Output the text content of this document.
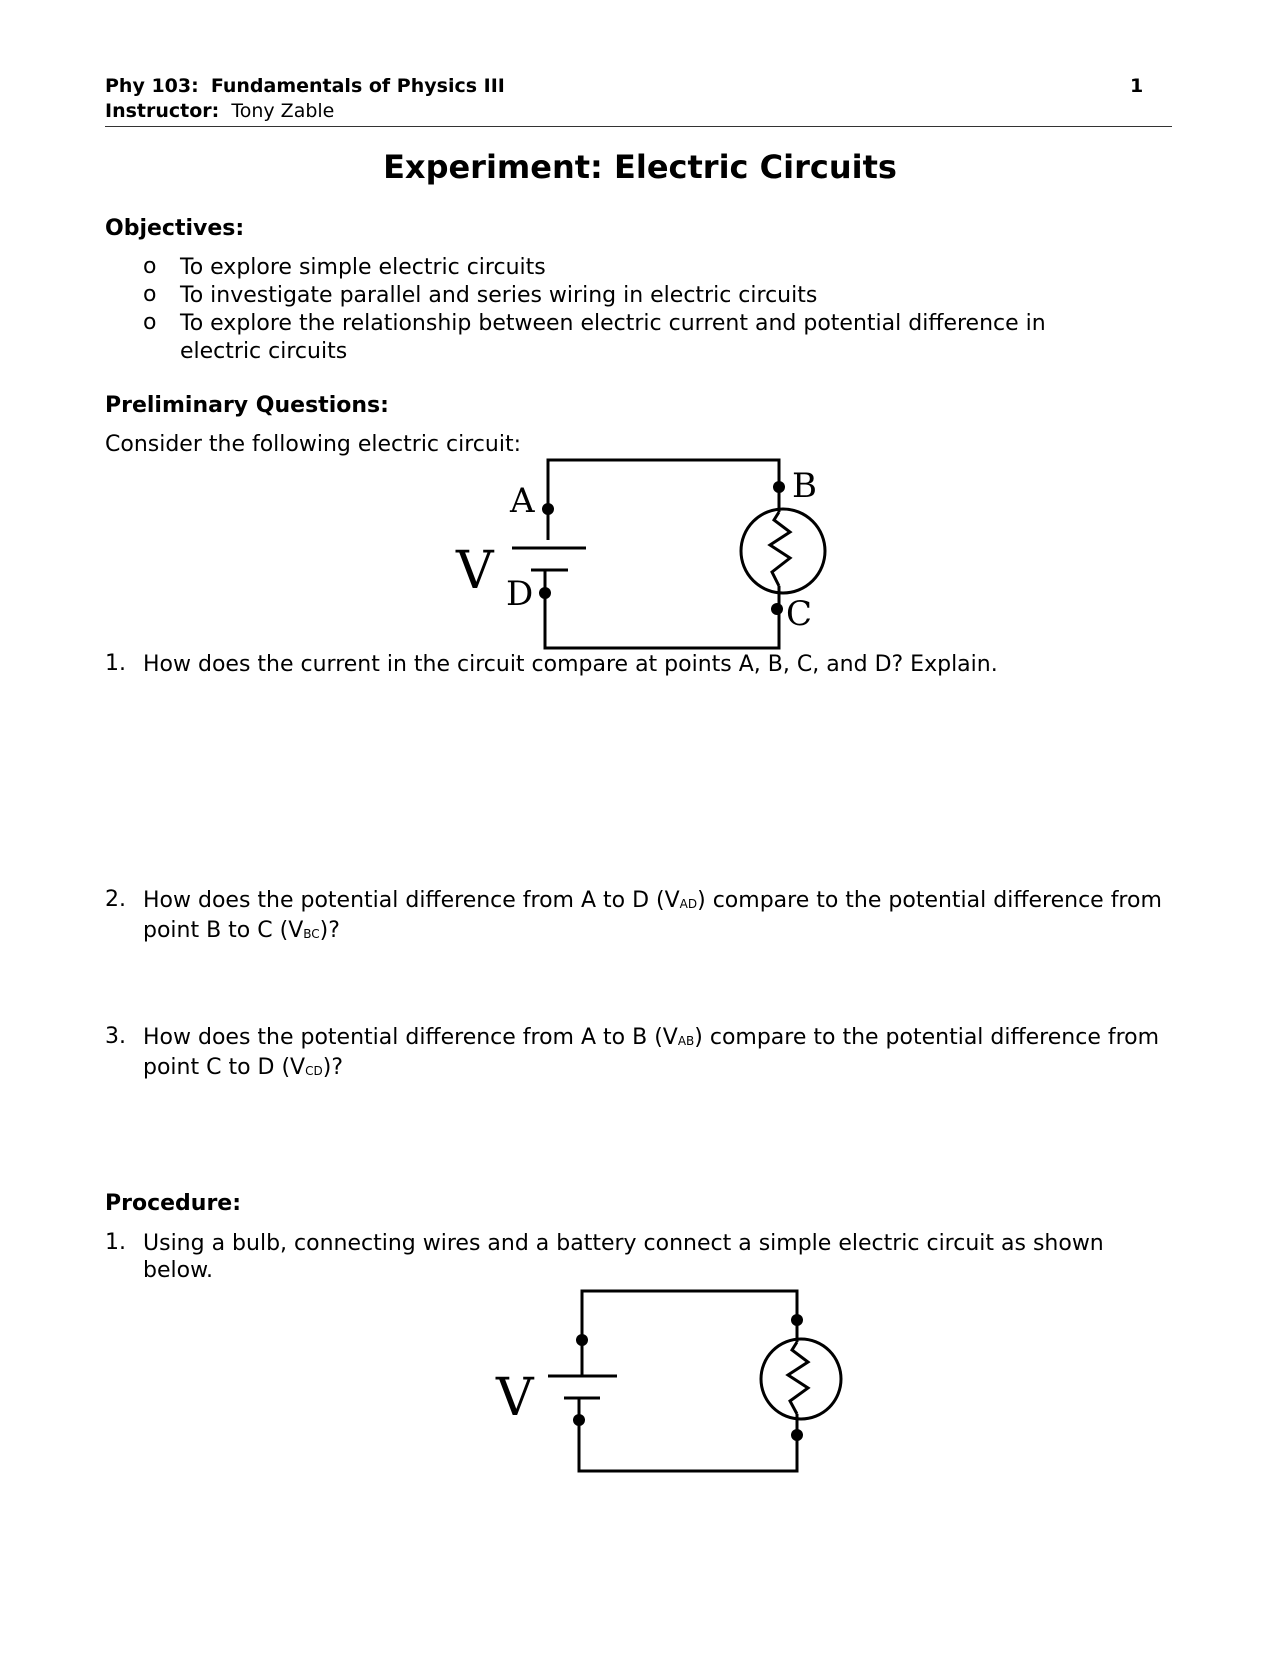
Phy 103: Fundamentals of Physics III	1
Instructor: Tony Zable
Experiment: Electric Circuits
Objectives:
o To explore simple electric circuits
o To investigate parallel and series wiring in electric circuits
o To explore the relationship between electric current and potential difference in electric circuits
Preliminary Questions:
Consider the following electric circuit:
V
A	B
C
D
1. How does the current in the circuit compare at points A, B, C, and D? Explain.
2. How does the potential difference from A to D $(V_{AD})$ compare to the potential difference from point B to C $(V_{BC})$?
3. How does the potential difference from A to B $(V_{AB})$ compare to the potential difference from point C to D $(V_{CD})$?
Procedure:
1. Using a bulb, connecting wires and a battery connect a simple electric circuit as shown below.
V
